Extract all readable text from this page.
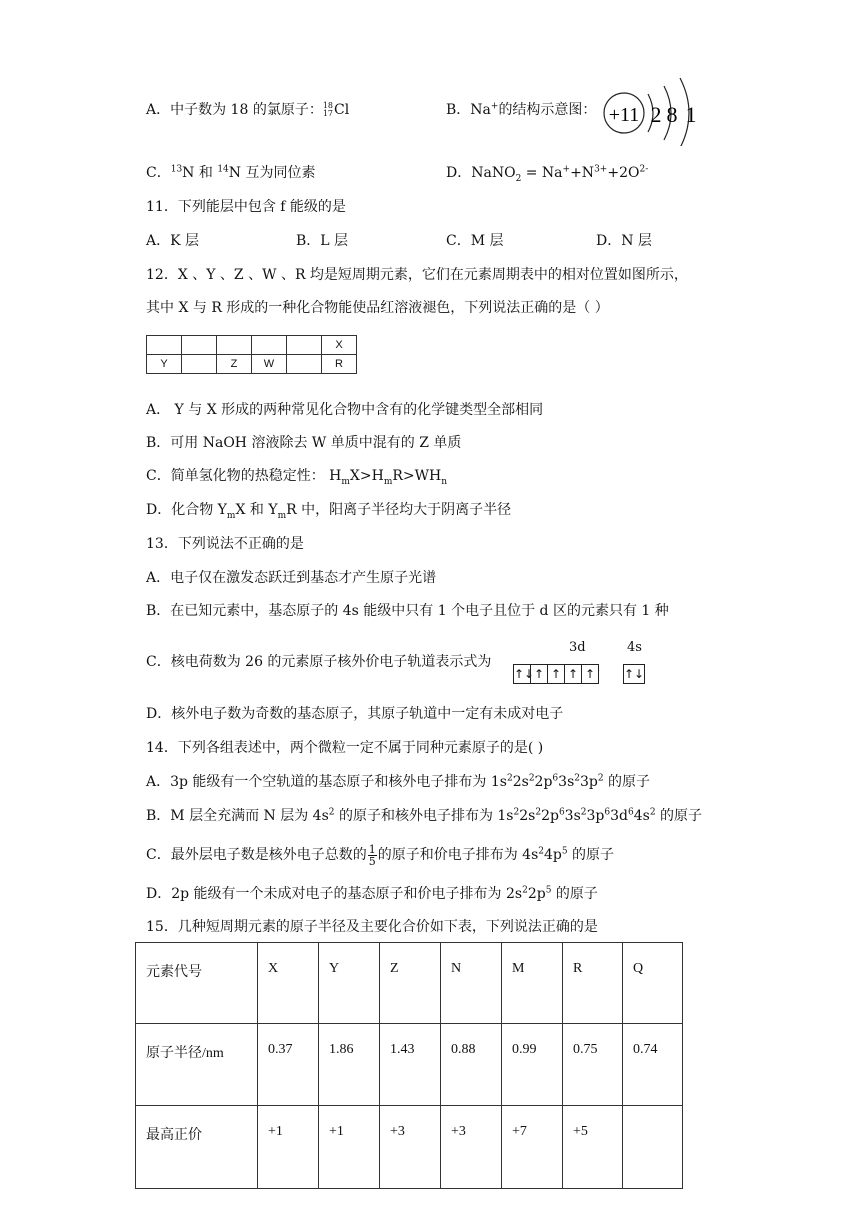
A．中子数为 18 的氯原子： 18
17 Cl	B．Na+的结构示意图： +11 2 8 1
C．$^{13}$N 和 $^{14}$N 互为同位素	D．NaNO$_2$ = $Na^++N^{3+}+2O^{2-}$
11．下列能层中包含 f 能级的是
A．K 层	B．L 层	C．M 层	D．N 层
12．X 、Y 、Z 、W 、R 均是短周期元素，它们在元素周期表中的相对位置如图所示，
其中 X 与 R 形成的一种化合物能使品红溶液褪色，下列说法正确的是（ ）
					X
Y		Z	W		R
A． Y 与 X 形成的两种常见化合物中含有的化学键类型全部相同
B．可用 NaOH 溶液除去 W 单质中混有的 Z 单质
C．简单氢化物的热稳定性： $H_mX>H_mR>WH_n$
D．化合物 $Y_mX$ 和 $Y_mR$ 中，阳离子半径均大于阴离子半径
13．下列说法不正确的是
A．电子仅在激发态跃迁到基态才产生原子光谱
B．在已知元素中，基态原子的 4s 能级中只有 1 个电子且位于 d 区的元素只有 1 种
C．核电荷数为 26 的元素原子核外价电子轨道表示式为
3d	4s
↑↓↑ ↑ ↑ ↑ ↑↓
D．核外电子数为奇数的基态原子，其原子轨道中一定有未成对电子
14．下列各组表述中，两个微粒一定不属于同种元素原子的是( )
A．3p 能级有一个空轨道的基态原子和核外电子排布为 $1s^22s^22p^63s^23p^2$ 的原子
B．M 层全充满而 N 层为 $4s^2$ 的原子和核外电子排布为 $1s^22s^22p^63s^23p^63d^64s^2$ 的原子
C．最外层电子数是核外电子总数的 $\frac{1}{5}$ 的原子和价电子排布为 $4s^24p^5$ 的原子
D．2p 能级有一个未成对电子的基态原子和价电子排布为 $2s^22p^5$ 的原子
15．几种短周期元素的原子半径及主要化合价如下表，下列说法正确的是
元素代号	X	Y	Z	N	M	R	Q
原子半径/nm	0.37	1.86	1.43	0.88	0.99	0.75	0.74
最高正价	+1	+1	+3	+3	+7	+5	
